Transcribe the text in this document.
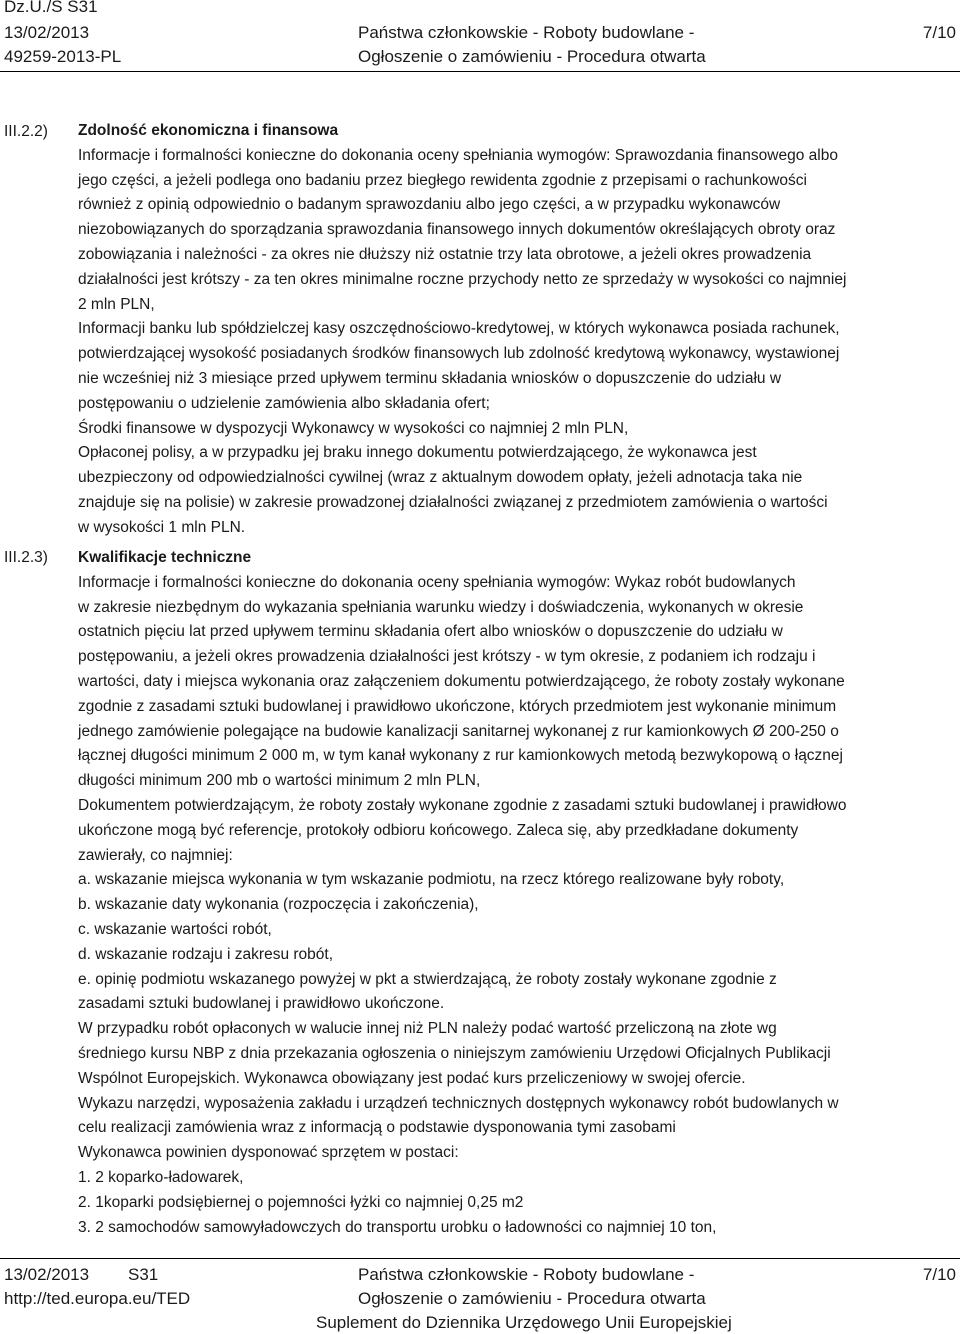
Dz.U./S S31
13/02/2013
49259-2013-PL
Państwa członkowskie - Roboty budowlane -
Ogłoszenie o zamówieniu - Procedura otwarta
7/10
III.2.2) Zdolność ekonomiczna i finansowa
Informacje i formalności konieczne do dokonania oceny spełniania wymogów: Sprawozdania finansowego albo
jego części, a jeżeli podlega ono badaniu przez biegłego rewidenta zgodnie z przepisami o rachunkowości
również z opinią odpowiednio o badanym sprawozdaniu albo jego części, a w przypadku wykonawców
niezobowiązanych do sporządzania sprawozdania finansowego innych dokumentów określających obroty oraz
zobowiązania i należności - za okres nie dłuższy niż ostatnie trzy lata obrotowe, a jeżeli okres prowadzenia
działalności jest krótszy - za ten okres minimalne roczne przychody netto ze sprzedaży w wysokości co najmniej
2 mln PLN,
Informacji banku lub spółdzielczej kasy oszczędnościowo-kredytowej, w których wykonawca posiada rachunek,
potwierdzającej wysokość posiadanych środków finansowych lub zdolność kredytową wykonawcy, wystawionej
nie wcześniej niż 3 miesiące przed upływem terminu składania wniosków o dopuszczenie do udziału w
postępowaniu o udzielenie zamówienia albo składania ofert;
Środki finansowe w dyspozycji Wykonawcy w wysokości co najmniej 2 mln PLN,
Opłaconej polisy, a w przypadku jej braku innego dokumentu potwierdzającego, że wykonawca jest
ubezpieczony od odpowiedzialności cywilnej (wraz z aktualnym dowodem opłaty, jeżeli adnotacja taka nie
znajduje się na polisie) w zakresie prowadzonej działalności związanej z przedmiotem zamówienia o wartości
w wysokości 1 mln PLN.
III.2.3) Kwalifikacje techniczne
Informacje i formalności konieczne do dokonania oceny spełniania wymogów: Wykaz robót budowlanych
w zakresie niezbędnym do wykazania spełniania warunku wiedzy i doświadczenia, wykonanych w okresie
ostatnich pięciu lat przed upływem terminu składania ofert albo wniosków o dopuszczenie do udziału w
postępowaniu, a jeżeli okres prowadzenia działalności jest krótszy - w tym okresie, z podaniem ich rodzaju i
wartości, daty i miejsca wykonania oraz załączeniem dokumentu potwierdzającego, że roboty zostały wykonane
zgodnie z zasadami sztuki budowlanej i prawidłowo ukończone, których przedmiotem jest wykonanie minimum
jednego zamówienie polegające na budowie kanalizacji sanitarnej wykonanej z rur kamionkowych Ø 200-250 o
łącznej długości minimum 2 000 m, w tym kanał wykonany z rur kamionkowych metodą bezwykopową o łącznej
długości minimum 200 mb o wartości minimum 2 mln PLN,
Dokumentem potwierdzającym, że roboty zostały wykonane zgodnie z zasadami sztuki budowlanej i prawidłowo
ukończone mogą być referencje, protokoły odbioru końcowego. Zaleca się, aby przedkładane dokumenty
zawierały, co najmniej:
a. wskazanie miejsca wykonania w tym wskazanie podmiotu, na rzecz którego realizowane były roboty,
b. wskazanie daty wykonania (rozpoczęcia i zakończenia),
c. wskazanie wartości robót,
d. wskazanie rodzaju i zakresu robót,
e. opinię podmiotu wskazanego powyżej w pkt a stwierdzającą, że roboty zostały wykonane zgodnie z
zasadami sztuki budowlanej i prawidłowo ukończone.
W przypadku robót opłaconych w walucie innej niż PLN należy podać wartość przeliczoną na złote wg
średniego kursu NBP z dnia przekazania ogłoszenia o niniejszym zamówieniu Urzędowi Oficjalnych Publikacji
Wspólnot Europejskich. Wykonawca obowiązany jest podać kurs przeliczeniowy w swojej ofercie.
Wykazu narzędzi, wyposażenia zakładu i urządzeń technicznych dostępnych wykonawcy robót budowlanych w
celu realizacji zamówienia wraz z informacją o podstawie dysponowania tymi zasobami
Wykonawca powinien dysponować sprzętem w postaci:
1. 2 koparko-ładowarek,
2. 1koparki podsiębiernej o pojemności łyżki co najmniej 0,25 m2
3. 2 samochodów samowyładowczych do transportu urobku o ładowności co najmniej 10 ton,
13/02/2013 S31
http://ted.europa.eu/TED
Państwa członkowskie - Roboty budowlane -
Ogłoszenie o zamówieniu - Procedura otwarta
Suplement do Dziennika Urzędowego Unii Europejskiej
7/10
